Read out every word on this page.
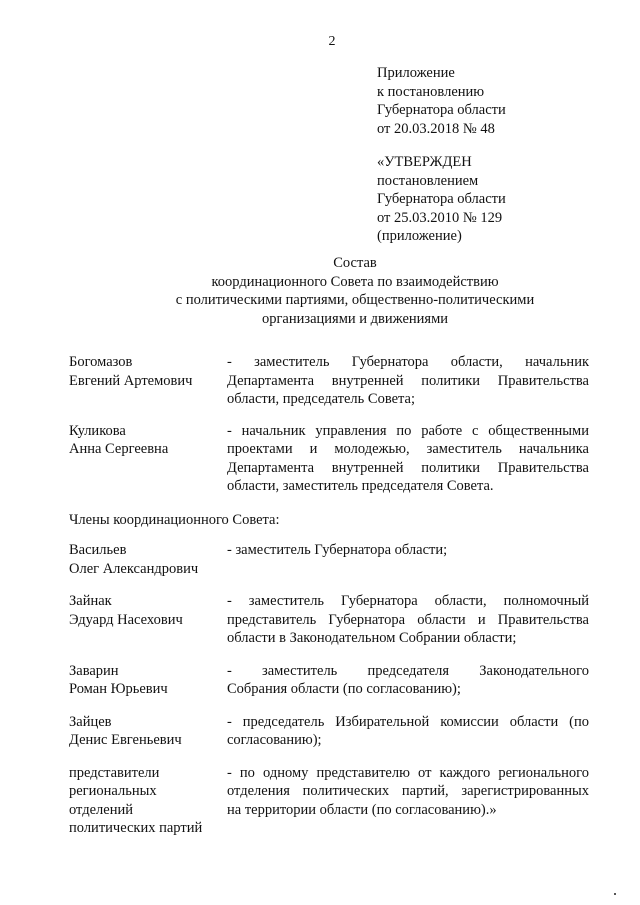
2
Приложение
к постановлению
Губернатора области
от 20.03.2018 № 48
«УТВЕРЖДЕН
постановлением
Губернатора области
от 25.03.2010 № 129
(приложение)
Состав
координационного Совета по взаимодействию
с политическими партиями, общественно-политическими
организациями и движениями
Богомазов
Евгений Артемович
- заместитель Губернатора области, начальник
Департамента внутренней политики Правительства
области, председатель Совета;
Куликова
Анна Сергеевна
- начальник управления по работе с общественными
проектами и молодежью, заместитель начальника
Департамента внутренней политики Правительства
области, заместитель председателя Совета.
Члены координационного Совета:
Васильев
Олег Александрович
- заместитель Губернатора области;
Зайнак
Эдуард Насехович
- заместитель Губернатора области, полномочный
представитель Губернатора области и Правительства
области в Законодательном Собрании области;
Заварин
Роман Юрьевич
- заместитель председателя Законодательного
Собрания области (по согласованию);
Зайцев
Денис Евгеньевич
- председатель Избирательной комиссии области (по
согласованию);
представители
региональных
отделений
политических партий
- по одному представителю от каждого регионального
отделения политических партий, зарегистрированных
на территории области (по согласованию).»
